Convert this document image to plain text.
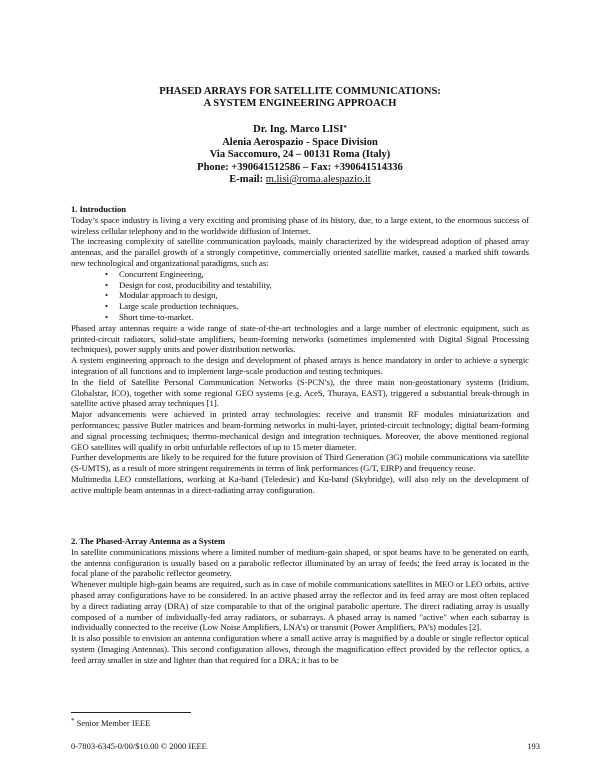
PHASED ARRAYS FOR SATELLITE COMMUNICATIONS:
A SYSTEM ENGINEERING APPROACH
Dr. Ing. Marco LISI*
Alenia Aerospazio - Space Division
Via Saccomuro, 24 – 00131 Roma (Italy)
Phone: +390641512586 – Fax: +390641514336
E-mail: m.lisi@roma.alespazio.it

1. Introduction

Today’s space industry is living a very exciting and promising phase of its history, due, to a large extent, to the enormous success of wireless cellular telephony and to the worldwide diffusion of Internet.

The increasing complexity of satellite communication payloads, mainly characterized by the widespread adoption of phased array antennas, and the parallel growth of a strongly competitive, commercially oriented satellite market, caused a marked shift towards new technological and organizational paradigms, such as:

• Concurrent Engineering,
• Design for cost, producibility and testability,
• Modular approach to design,
• Large scale production techniques,
• Short time-to-market.

Phased array antennas require a wide range of state-of-the-art technologies and a large number of electronic equipment, such as printed-circuit radiators, solid-state amplifiers, beam-forming networks (sometimes implemented with Digital Signal Processing techniques), power supply units and power distribution networks.

A system engineering approach to the design and development of phased arrays is hence mandatory in order to achieve a synergic integration of all functions and to implement large-scale production and testing techniques.

In the field of Satellite Personal Communication Networks (S-PCN’s), the three main non-geostationary systems (Iridium, Globalstar, ICO), together with some regional GEO systems (e.g. AceS, Thuraya, EAST), triggered a substantial break-through in satellite active phased array techniques [1].

Major advancements were achieved in printed array technologies: receive and transmit RF modules miniaturization and performances; passive Butler matrices and beam-forming networks in multi-layer, printed-circuit technology; digital beam-forming and signal processing techniques; thermo-mechanical design and integration techniques. Moreover, the above mentioned regional GEO satellites will qualify in orbit unfurlable reflectors of up to 15 meter diameter.

Further developments are likely to be required for the future provision of Third Generation (3G) mobile communications via satellite (S-UMTS), as a result of more stringent requirements in terms of link performances (G/T, EIRP) and frequency reuse.

Multimedia LEO constellations, working at Ka-band (Teledesic) and Ku-band (Skybridge), will also rely on the development of active multiple beam antennas in a direct-radiating array configuration.

2. The Phased-Array Antenna as a System

In satellite communications missions where a limited number of medium-gain shaped, or spot beams have to be generated on earth, the antenna configuration is usually based on a parabolic reflector illuminated by an array of feeds; the feed array is located in the focal plane of the parabolic reflector geometry.

Whenever multiple high-gain beams are required, such as in case of mobile communications satellites in MEO or LEO orbits, active phased array configurations have to be considered. In an active phased array the reflector and its feed array are most often replaced by a direct radiating array (DRA) of size comparable to that of the original parabolic aperture. The direct radiating array is usually composed of a number of individually-fed array radiators, or subarrays. A phased array is named "active" when each subarray is individually connected to the receive (Low Noise Amplifiers, LNA’s) or transmit (Power Amplifiers, PA’s) modules [2].

It is also possible to envision an antenna configuration where a small active array is magnified by a double or single reflector optical system (Imaging Antennas). This second configuration allows, through the magnification effect provided by the reflector optics, a feed array smaller in size and lighter than that required for a DRA; it has to be

* Senior Member IEEE
0-7803-6345-0/00/$10.00 © 2000 IEEE	193
